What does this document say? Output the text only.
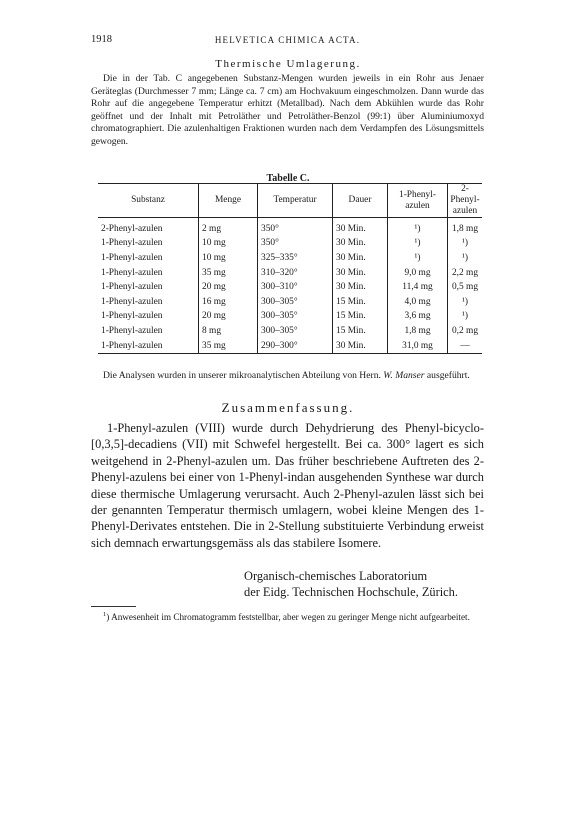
1918	HELVETICA CHIMICA ACTA.
Thermische Umlagerung.

Die in der Tab. C angegebenen Substanz-Mengen wurden jeweils in ein Rohr aus Jenaer Geräteglas (Durchmesser 7 mm; Länge ca. 7 cm) am Hochvakuum eingeschmolzen. Dann wurde das Rohr auf die angegebene Temperatur erhitzt (Metallbad). Nach dem Abkühlen wurde das Rohr geöffnet und der Inhalt mit Petroläther und Petroläther-Benzol (99:1) über Aluminiumoxyd chromatographiert. Die azulenhaltigen Fraktionen wurden nach dem Verdampfen des Lösungsmittels gewogen.

Tabelle C.
Substanz	Menge	Temperatur	Dauer	1-Phenyl-
azulen	2-Phenyl-
azulen
2-Phenyl-azulen	2 mg	350°	30 Min.	¹)	1,8 mg
1-Phenyl-azulen	10 mg	350°	30 Min.	¹)	¹)
1-Phenyl-azulen	10 mg	325–335°	30 Min.	¹)	¹)
1-Phenyl-azulen	35 mg	310–320°	30 Min.	9,0 mg	2,2 mg
1-Phenyl-azulen	20 mg	300–310°	30 Min.	11,4 mg	0,5 mg
1-Phenyl-azulen	16 mg	300–305°	15 Min.	4,0 mg	¹)
1-Phenyl-azulen	20 mg	300–305°	15 Min.	3,6 mg	¹)
1-Phenyl-azulen	8 mg	300–305°	15 Min.	1,8 mg	0,2 mg
1-Phenyl-azulen	35 mg	290–300°	30 Min.	31,0 mg	—

Die Analysen wurden in unserer mikroanalytischen Abteilung von Hern. W. Manser ausgeführt.

Zusammenfassung.

1-Phenyl-azulen (VIII) wurde durch Dehydrierung des Phenyl-bicyclo-[0,3,5]-decadiens (VII) mit Schwefel hergestellt. Bei ca. 300° lagert es sich weitgehend in 2-Phenyl-azulen um. Das früher beschriebene Auftreten des 2-Phenyl-azulens bei einer von 1-Phenyl-indan ausgehenden Synthese war durch diese thermische Umlagerung verursacht. Auch 2-Phenyl-azulen lässt sich bei der genannten Temperatur thermisch umlagern, wobei kleine Mengen des 1-Phenyl-Derivates entstehen. Die in 2-Stellung substituierte Verbindung erweist sich demnach erwartungsgemäss als das stabilere Isomere.

Organisch-chemisches Laboratorium
der Eidg. Technischen Hochschule, Zürich.
$^1$) Anwesenheit im Chromatogramm feststellbar, aber wegen zu geringer Menge nicht aufgearbeitet.
